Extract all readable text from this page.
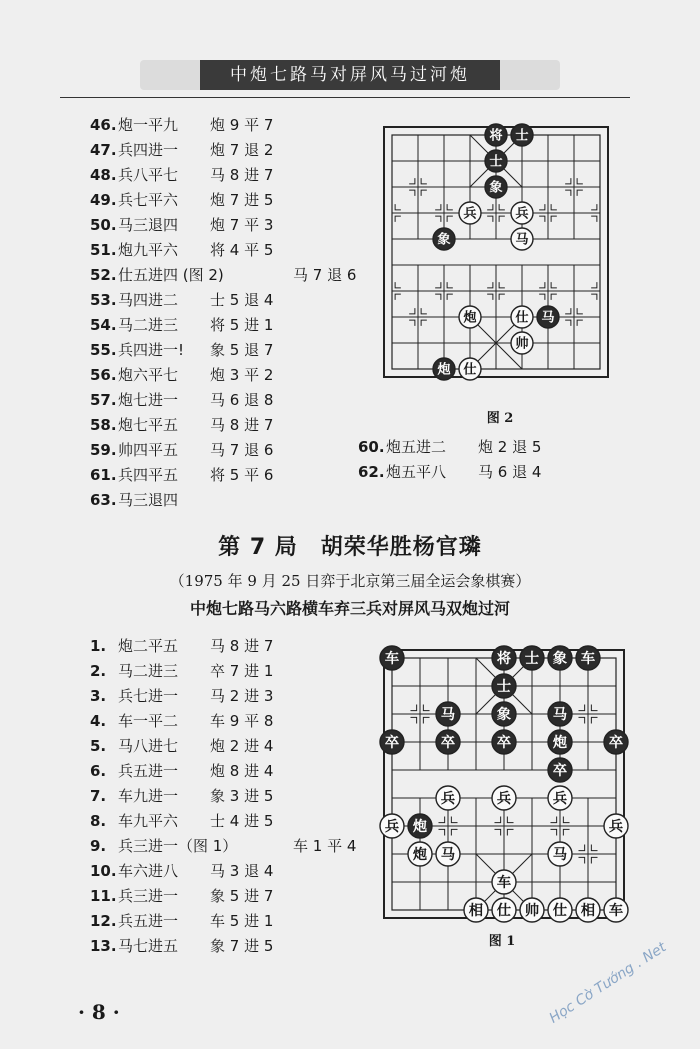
中炮七路马对屏风马过河炮
46.炮一平九 炮 9 平 7
47.兵四进一 炮 7 退 2
48.兵八平七 马 8 进 7
49.兵七平六 炮 7 进 5
50.马三退四 炮 7 平 3
51.炮九平六 将 4 平 5
52.仕五进四 (图 2)	马 7 退 6
53.马四进二 士 5 退 4
54.马二进三 将 5 进 1
55.兵四进一! 象 5 退 7
56.炮六平七 炮 3 平 2
57.炮七进一 马 6 退 8
58.炮七平五 马 8 进 7
59.帅四平五 马 7 退 6
61.兵四平五 将 5 平 6
63.马三退四
60.炮五进二 炮 2 退 5
62.炮五平八 马 6 退 4
将 士
士
象
兵	兵
象	马
炮	仕 马
帅
炮 仕
图 2
第 7 局　胡荣华胜杨官璘
（1975 年 9 月 25 日弈于北京第三届全运会象棋赛）
中炮七路马六路横车弃三兵对屏风马双炮过河
1. 炮二平五 马 8 进 7
2. 马二进三 卒 7 进 1
3. 兵七进一 马 2 进 3
4. 车一平二 车 9 平 8
5. 马八进七 炮 2 进 4
6. 兵五进一 炮 8 进 4
7. 车九进一 象 3 进 5
8. 车九平六 士 4 进 5
9. 兵三进一（图 1）	车 1 平 4
10.车六进八 马 3 退 4
11.兵三进一 象 5 进 7
12.兵五进一 车 5 进 1
13.马七进五 象 7 进 5
车	将 士 象 车
士
马	象	马
卒	卒	卒	炮	卒
卒
兵	兵	兵
兵 炮	兵
炮 马	马
车
相 仕 帅 仕 相 车
图 1
· 8 ·	Học Cờ Tướng . Net
